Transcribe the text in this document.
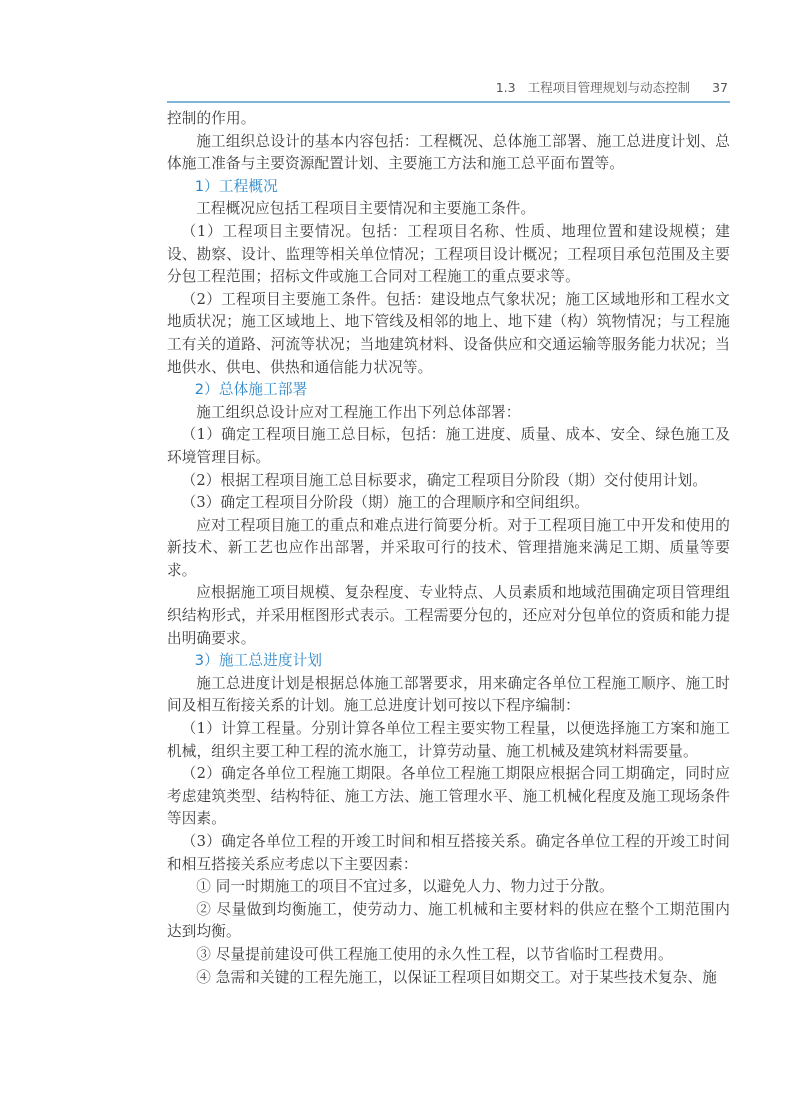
1.3 工程项目管理规划与动态控制 37

控制的作用。

施工组织总设计的基本内容包括：工程概况、总体施工部署、施工总进度计划、总体施工准备与主要资源配置计划、主要施工方法和施工总平面布置等。

1）工程概况

工程概况应包括工程项目主要情况和主要施工条件。

（1）工程项目主要情况。包括：工程项目名称、性质、地理位置和建设规模；建设、勘察、设计、监理等相关单位情况；工程项目设计概况；工程项目承包范围及主要分包工程范围；招标文件或施工合同对工程施工的重点要求等。

（2）工程项目主要施工条件。包括：建设地点气象状况；施工区域地形和工程水文地质状况；施工区域地上、地下管线及相邻的地上、地下建（构）筑物情况；与工程施工有关的道路、河流等状况；当地建筑材料、设备供应和交通运输等服务能力状况；当地供水、供电、供热和通信能力状况等。

2）总体施工部署

施工组织总设计应对工程施工作出下列总体部署：

（1）确定工程项目施工总目标，包括：施工进度、质量、成本、安全、绿色施工及环境管理目标。

（2）根据工程项目施工总目标要求，确定工程项目分阶段（期）交付使用计划。

（3）确定工程项目分阶段（期）施工的合理顺序和空间组织。

应对工程项目施工的重点和难点进行简要分析。对于工程项目施工中开发和使用的新技术、新工艺也应作出部署，并采取可行的技术、管理措施来满足工期、质量等要求。

应根据施工项目规模、复杂程度、专业特点、人员素质和地域范围确定项目管理组织结构形式，并采用框图形式表示。工程需要分包的，还应对分包单位的资质和能力提出明确要求。

3）施工总进度计划

施工总进度计划是根据总体施工部署要求，用来确定各单位工程施工顺序、施工时间及相互衔接关系的计划。施工总进度计划可按以下程序编制：

（1）计算工程量。分别计算各单位工程主要实物工程量，以便选择施工方案和施工机械，组织主要工种工程的流水施工，计算劳动量、施工机械及建筑材料需要量。

（2）确定各单位工程施工期限。各单位工程施工期限应根据合同工期确定，同时应考虑建筑类型、结构特征、施工方法、施工管理水平、施工机械化程度及施工现场条件等因素。

（3）确定各单位工程的开竣工时间和相互搭接关系。确定各单位工程的开竣工时间和相互搭接关系应考虑以下主要因素：

① 同一时期施工的项目不宜过多，以避免人力、物力过于分散。

② 尽量做到均衡施工，使劳动力、施工机械和主要材料的供应在整个工期范围内达到均衡。

③ 尽量提前建设可供工程施工使用的永久性工程，以节省临时工程费用。

④ 急需和关键的工程先施工，以保证工程项目如期交工。对于某些技术复杂、施
